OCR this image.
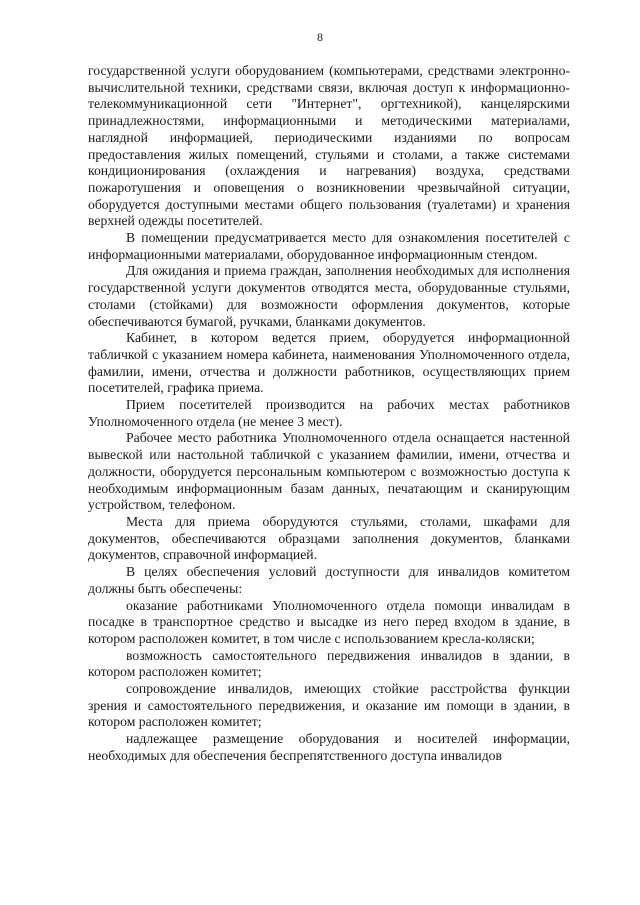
8

государственной услуги оборудованием (компьютерами, средствами электронно-вычислительной техники, средствами связи, включая доступ к информационно-телекоммуникационной сети "Интернет", оргтехникой), канцелярскими принадлежностями, информационными и методическими материалами, наглядной информацией, периодическими изданиями по вопросам предоставления жилых помещений, стульями и столами, а также системами кондиционирования (охлаждения и нагревания) воздуха, средствами пожаротушения и оповещения о возникновении чрезвычайной ситуации, оборудуется доступными местами общего пользования (туалетами) и хранения верхней одежды посетителей.

В помещении предусматривается место для ознакомления посетителей с информационными материалами, оборудованное информационным стендом.

Для ожидания и приема граждан, заполнения необходимых для исполнения государственной услуги документов отводятся места, оборудованные стульями, столами (стойками) для возможности оформления документов, которые обеспечиваются бумагой, ручками, бланками документов.

Кабинет, в котором ведется прием, оборудуется информационной табличкой с указанием номера кабинета, наименования Уполномоченного отдела, фамилии, имени, отчества и должности работников, осуществляющих прием посетителей, графика приема.

Прием посетителей производится на рабочих местах работников Уполномоченного отдела (не менее 3 мест).

Рабочее место работника Уполномоченного отдела оснащается настенной вывеской или настольной табличкой с указанием фамилии, имени, отчества и должности, оборудуется персональным компьютером с возможностью доступа к необходимым информационным базам данных, печатающим и сканирующим устройством, телефоном.

Места для приема оборудуются стульями, столами, шкафами для документов, обеспечиваются образцами заполнения документов, бланками документов, справочной информацией.

В целях обеспечения условий доступности для инвалидов комитетом должны быть обеспечены:

оказание работниками Уполномоченного отдела помощи инвалидам в посадке в транспортное средство и высадке из него перед входом в здание, в котором расположен комитет, в том числе с использованием кресла-коляски;

возможность самостоятельного передвижения инвалидов в здании, в котором расположен комитет;

сопровождение инвалидов, имеющих стойкие расстройства функции зрения и самостоятельного передвижения, и оказание им помощи в здании, в котором расположен комитет;

надлежащее размещение оборудования и носителей информации, необходимых для обеспечения беспрепятственного доступа инвалидов
